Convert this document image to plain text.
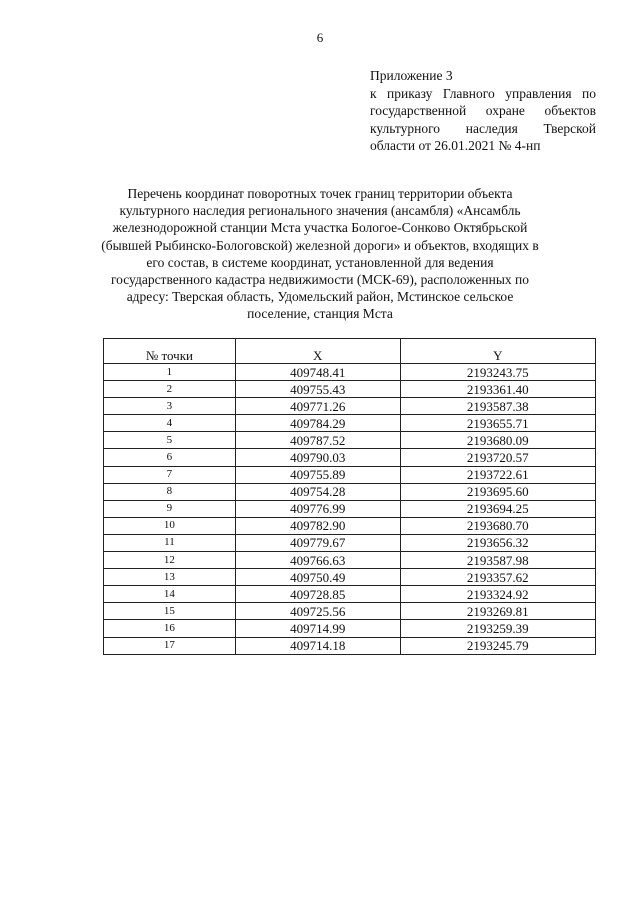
6
Приложение 3
к приказу Главного управления по
государственной охране объектов
культурного наследия Тверской
области от 26.01.2021 № 4-нп
Перечень координат поворотных точек границ территории объекта
культурного наследия регионального значения (ансамбля) «Ансамбль
железнодорожной станции Мста участка Бологое-Сонково Октябрьской
(бывшей Рыбинско-Бологовской) железной дороги» и объектов, входящих в
его состав, в системе координат, установленной для ведения
государственного кадастра недвижимости (МСК-69), расположенных по
адресу: Тверская область, Удомельский район, Мстинское сельское
поселение, станция Мста
№ точки	X	Y
1	409748.41	2193243.75
2	409755.43	2193361.40
3	409771.26	2193587.38
4	409784.29	2193655.71
5	409787.52	2193680.09
6	409790.03	2193720.57
7	409755.89	2193722.61
8	409754.28	2193695.60
9	409776.99	2193694.25
10	409782.90	2193680.70
11	409779.67	2193656.32
12	409766.63	2193587.98
13	409750.49	2193357.62
14	409728.85	2193324.92
15	409725.56	2193269.81
16	409714.99	2193259.39
17	409714.18	2193245.79
